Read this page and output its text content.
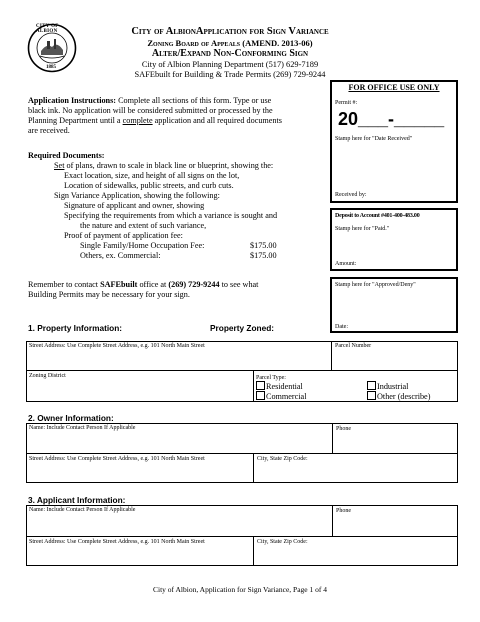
CITY OF ALBION
1885
City of AlbionApplication for Sign Variance
Zoning Board of Appeals (AMEND. 2013-06)
Alter/Expand Non-Conforming Sign
City of Albion Planning Department (517) 629-7189
SAFEbuilt for Building & Trade Permits (269) 729-9244
FOR OFFICE USE ONLY
Permit #:
20___-_____
Stamp here for "Date Received"
Received by:
Deposit to Account #401-400-483.00
Stamp here for "Paid."
Amount:
Stamp here for "Approved/Deny"
Date:
Application Instructions: Complete all sections of this form. Type or use
black ink. No application will be considered submitted or processed by the
Planning Department until a complete application and all required documents
are received.
Required Documents:
Set of plans, drawn to scale in black line or blueprint, showing the:
Exact location, size, and height of all signs on the lot,
Location of sidewalks, public streets, and curb cuts.
Sign Variance Application, showing the following:
Signature of applicant and owner, showing
Specifying the requirements from which a variance is sought and
the nature and extent of such variance,
Proof of payment of application fee:
Single Family/Home Occupation Fee:	$175.00
Others, ex. Commercial:	$175.00
Remember to contact SAFEbuilt office at (269) 729-9244 to see what
Building Permits may be necessary for your sign.
1. Property Information:	Property Zoned:
Street Address: Use Complete Street Address, e.g. 101 North Main Street	Parcel Number
Zoning District	Parcel Type:
Residential
Commercial
Industrial
Other (describe)
2. Owner Information:
Name: Include Contact Person If Applicable	Phone
Street Address: Use Complete Street Address, e.g. 101 North Main Street	City, State Zip Code:
3. Applicant Information:
Name: Include Contact Person If Applicable	Phone
Street Address: Use Complete Street Address, e.g. 101 North Main Street	City, State Zip Code:
City of Albion, Application for Sign Variance, Page 1 of 4
